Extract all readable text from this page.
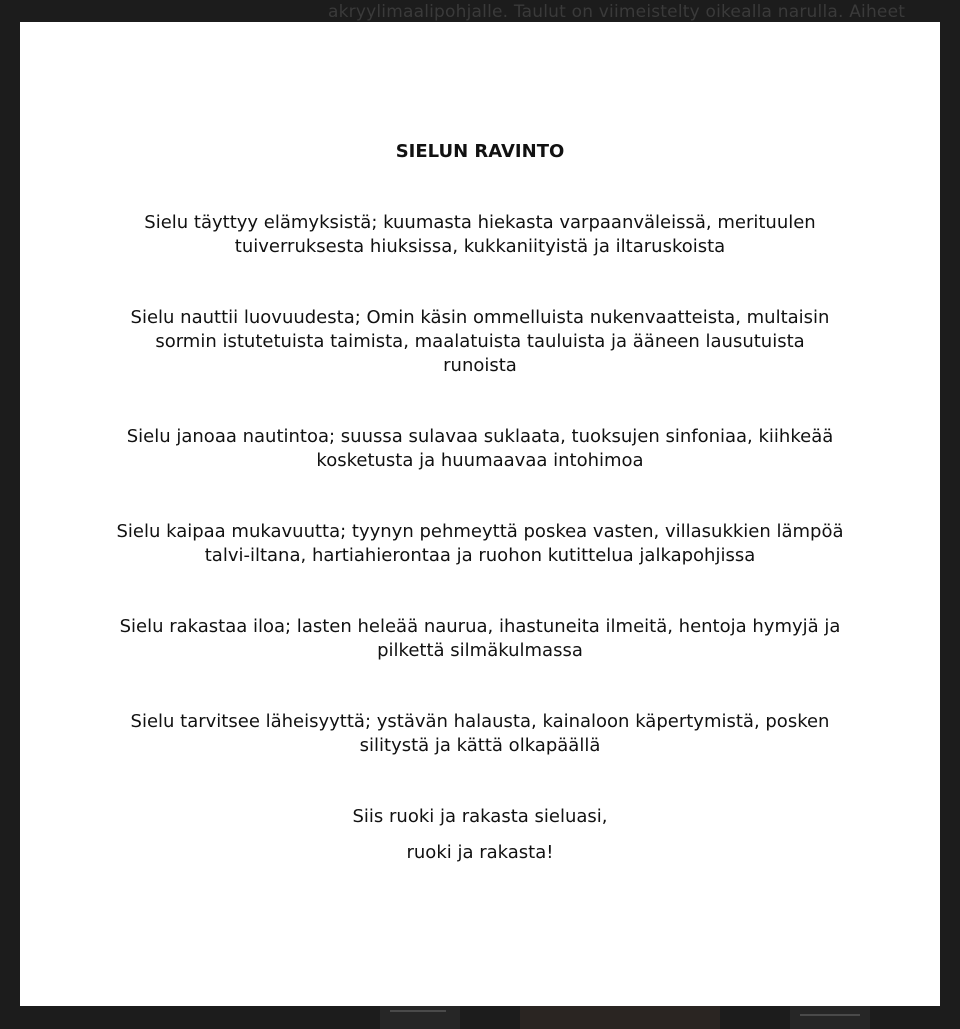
akryylimaalipohjalle. Taulut on viimeistelty oikealla narulla. Aiheet
SIELUN RAVINTO
Sielu täyttyy elämyksistä; kuumasta hiekasta varpaanväleissä, merituulen
tuiverruksesta hiuksissa, kukkaniityistä ja iltaruskoista
Sielu nauttii luovuudesta; Omin käsin ommelluista nukenvaatteista, multaisin
sormin istutetuista taimista, maalatuista tauluista ja ääneen lausutuista
runoista
Sielu janoaa nautintoa; suussa sulavaa suklaata, tuoksujen sinfoniaa, kiihkeää
kosketusta ja huumaavaa intohimoa
Sielu kaipaa mukavuutta; tyynyn pehmeyttä poskea vasten, villasukkien lämpöä
talvi-iltana, hartiahierontaa ja ruohon kutittelua jalkapohjissa
Sielu rakastaa iloa; lasten heleää naurua, ihastuneita ilmeitä, hentoja hymyjä ja
pilkettä silmäkulmassa
Sielu tarvitsee läheisyyttä; ystävän halausta, kainaloon käpertymistä, posken
silitystä ja kättä olkapäällä
Siis ruoki ja rakasta sieluasi,
ruoki ja rakasta!
